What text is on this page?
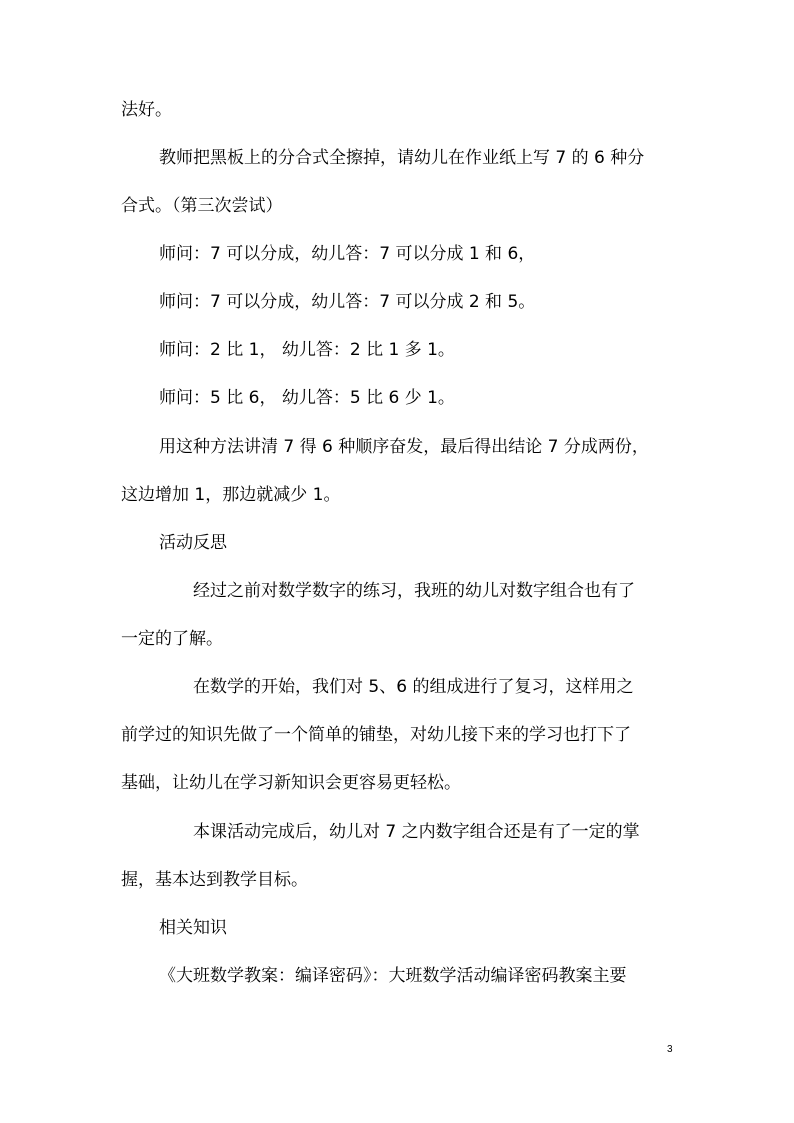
法好。
教师把黑板上的分合式全擦掉，请幼儿在作业纸上写 7 的 6 种分
合式。（第三次尝试）
师问：7 可以分成，幼儿答：7 可以分成 1 和 6，
师问：7 可以分成，幼儿答：7 可以分成 2 和 5。
师问：2 比 1， 幼儿答：2 比 1 多 1。
师问：5 比 6， 幼儿答：5 比 6 少 1。
用这种方法讲清 7 得 6 种顺序奋发，最后得出结论 7 分成两份，
这边增加 1，那边就减少 1。
活动反思
经过之前对数学数字的练习，我班的幼儿对数字组合也有了
一定的了解。
在数学的开始，我们对 5、6 的组成进行了复习，这样用之
前学过的知识先做了一个简单的铺垫，对幼儿接下来的学习也打下了
基础，让幼儿在学习新知识会更容易更轻松。
本课活动完成后，幼儿对 7 之内数字组合还是有了一定的掌
握，基本达到教学目标。
相关知识
《大班数学教案：编译密码》：大班数学活动编译密码教案主要
3
